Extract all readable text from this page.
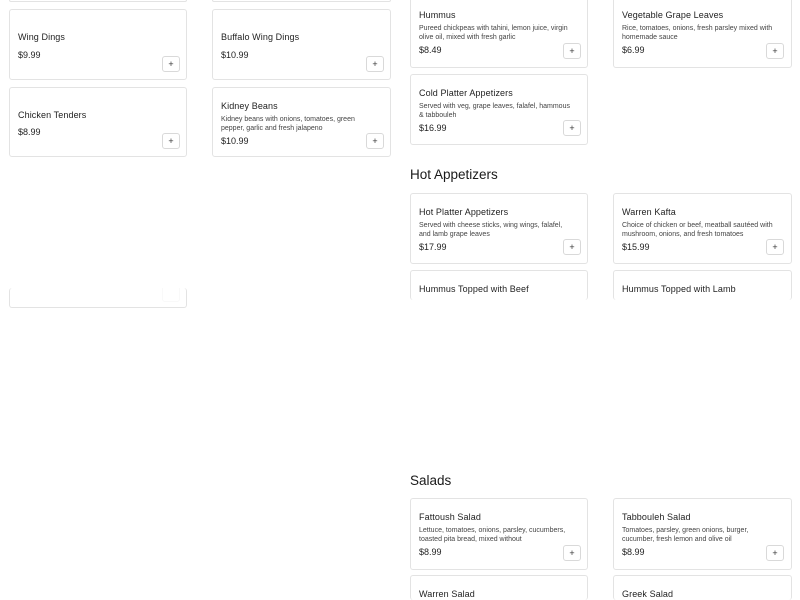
Wing Dings
$9.99
+
Buffalo Wing Dings
$10.99
+
Chicken Tenders
$8.99
+
Kidney Beans
Kidney beans with onions, tomatoes, green pepper, garlic and fresh jalapeno
$10.99	+
Hummus
Pureed chickpeas with tahini, lemon juice, virgin olive oil, mixed with fresh garlic
$8.49	+
Vegetable Grape Leaves
Rice, tomatoes, onions, fresh parsley mixed with homemade sauce
$6.99	+
Cold Platter Appetizers
Served with veg, grape leaves, falafel, hammous & tabbouleh
$16.99	+
Hot Appetizers
Hot Platter Appetizers
Served with cheese sticks, wing wings, falafel, and lamb grape leaves
$17.99	+
Warren Kafta
Choice of chicken or beef, meatball sautéed with mushroom, onions, and fresh tomatoes
$15.99	+
Hummus Topped with Beef	Hummus Topped with Lamb
Salads
Fattoush Salad
Lettuce, tomatoes, onions, parsley, cucumbers, toasted pita bread, mixed without
$8.99	+
Tabbouleh Salad
Tomatoes, parsley, green onions, burger, cucumber, fresh lemon and olive oil
$8.99	+
Warren Salad	Greek Salad
